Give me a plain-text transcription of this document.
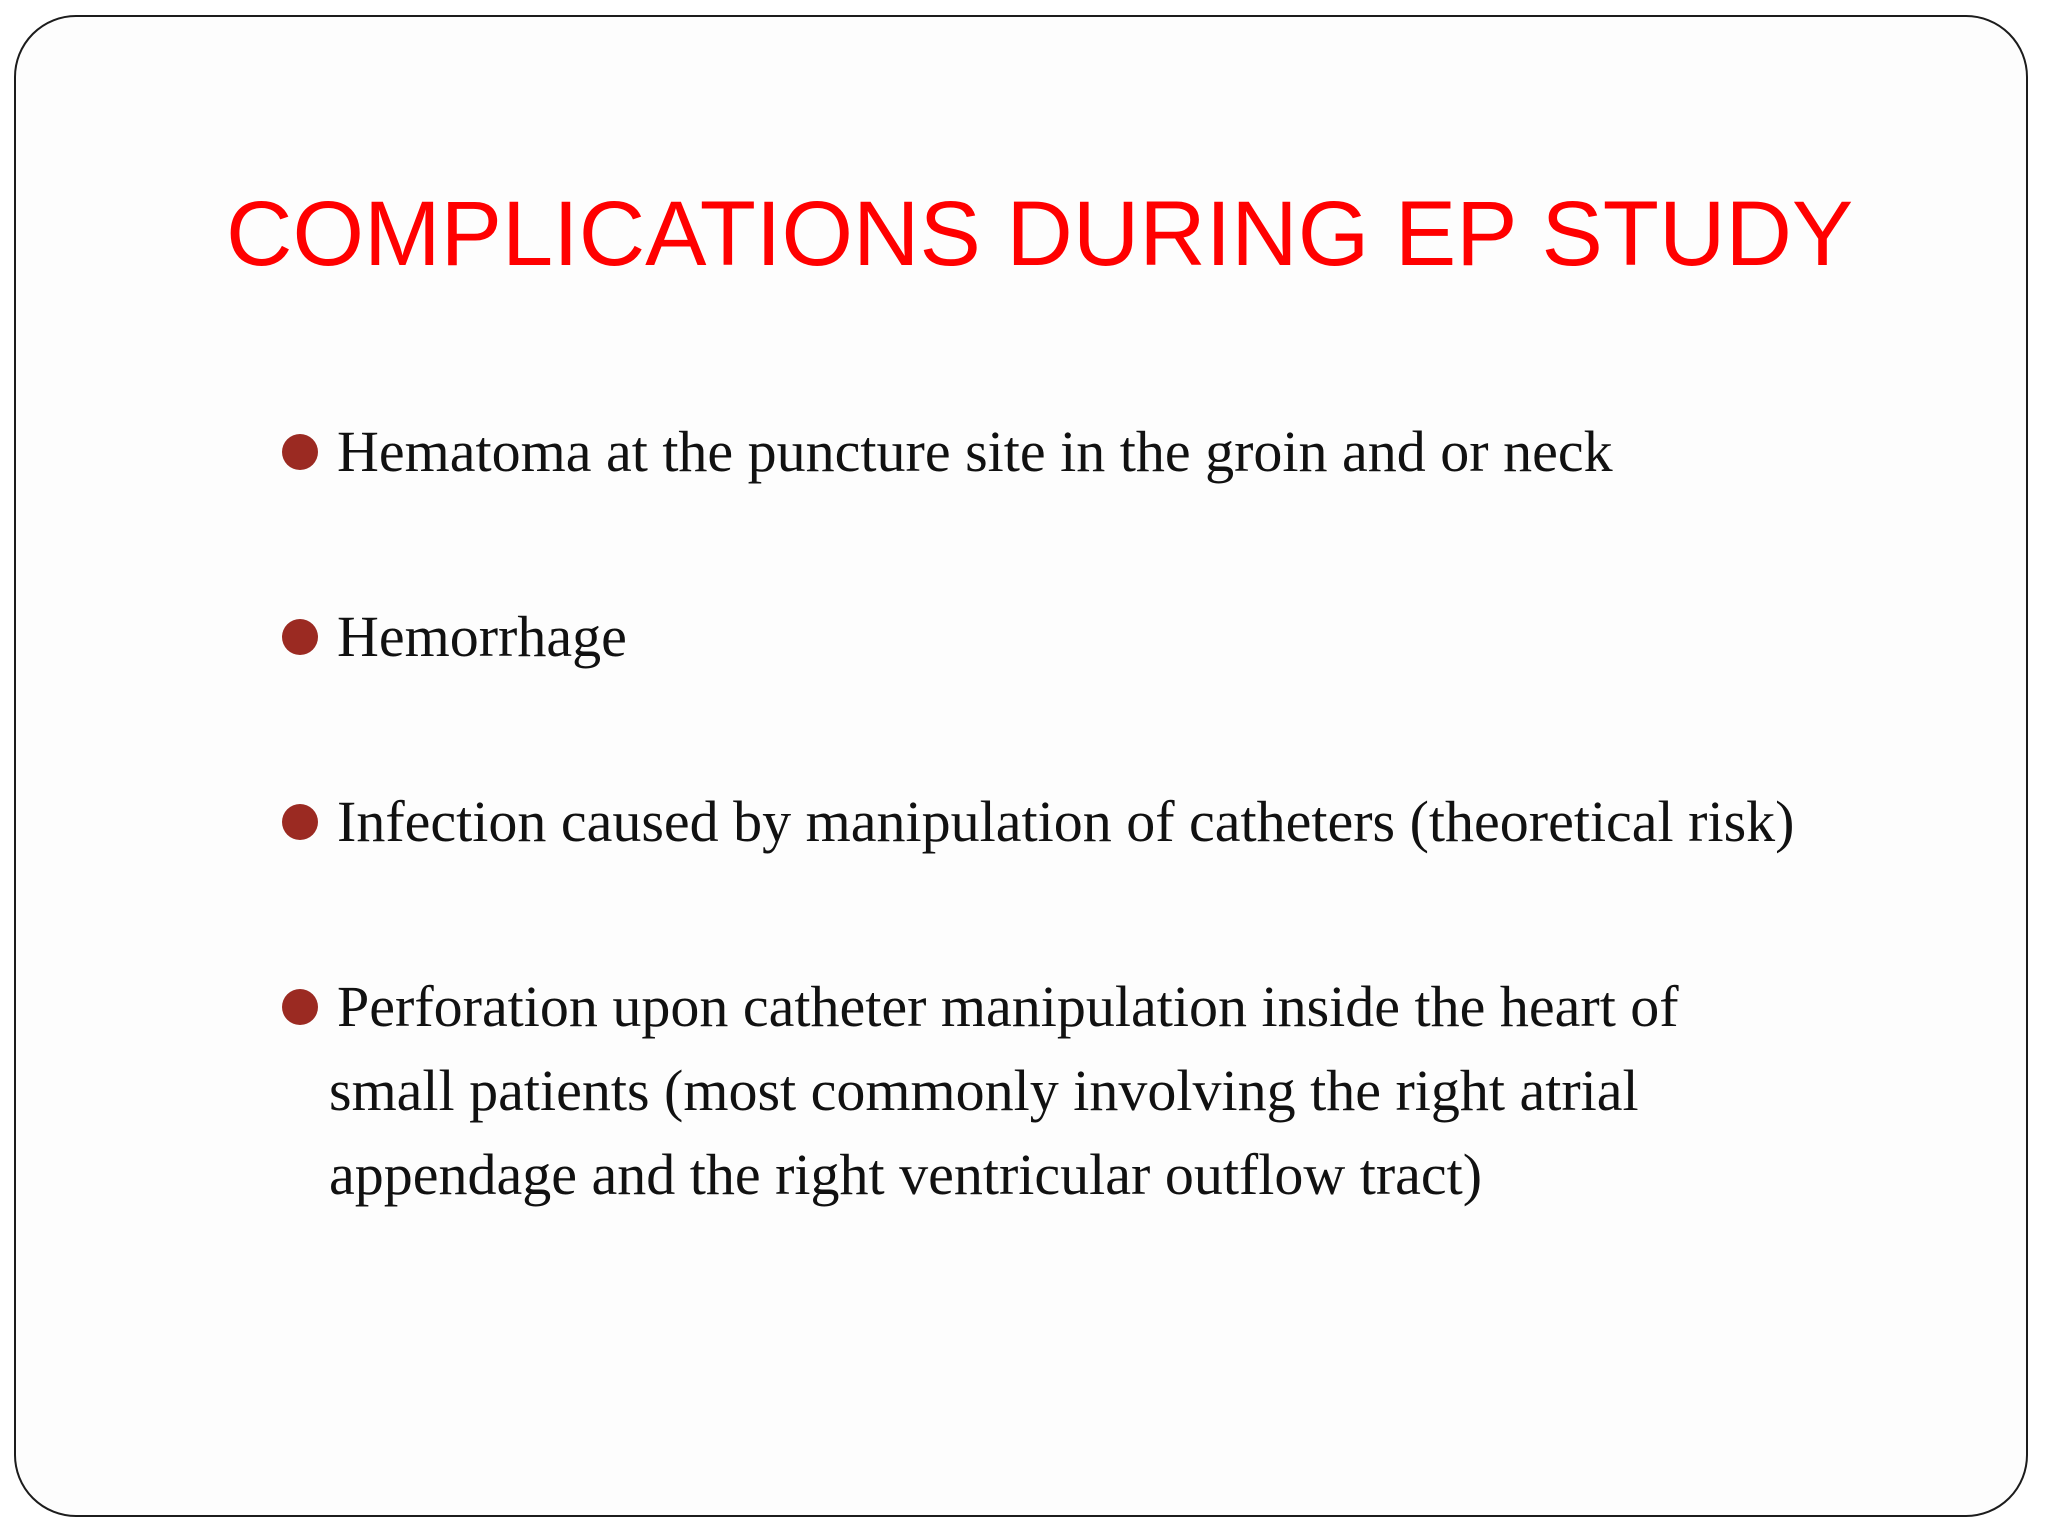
COMPLICATIONS DURING EP STUDY
Hematoma at the puncture site in the groin and or neck
Hemorrhage
Infection caused by manipulation of catheters (theoretical risk)
Perforation upon catheter manipulation inside the heart of
small patients (most commonly involving the right atrial
appendage and the right ventricular outflow tract)
